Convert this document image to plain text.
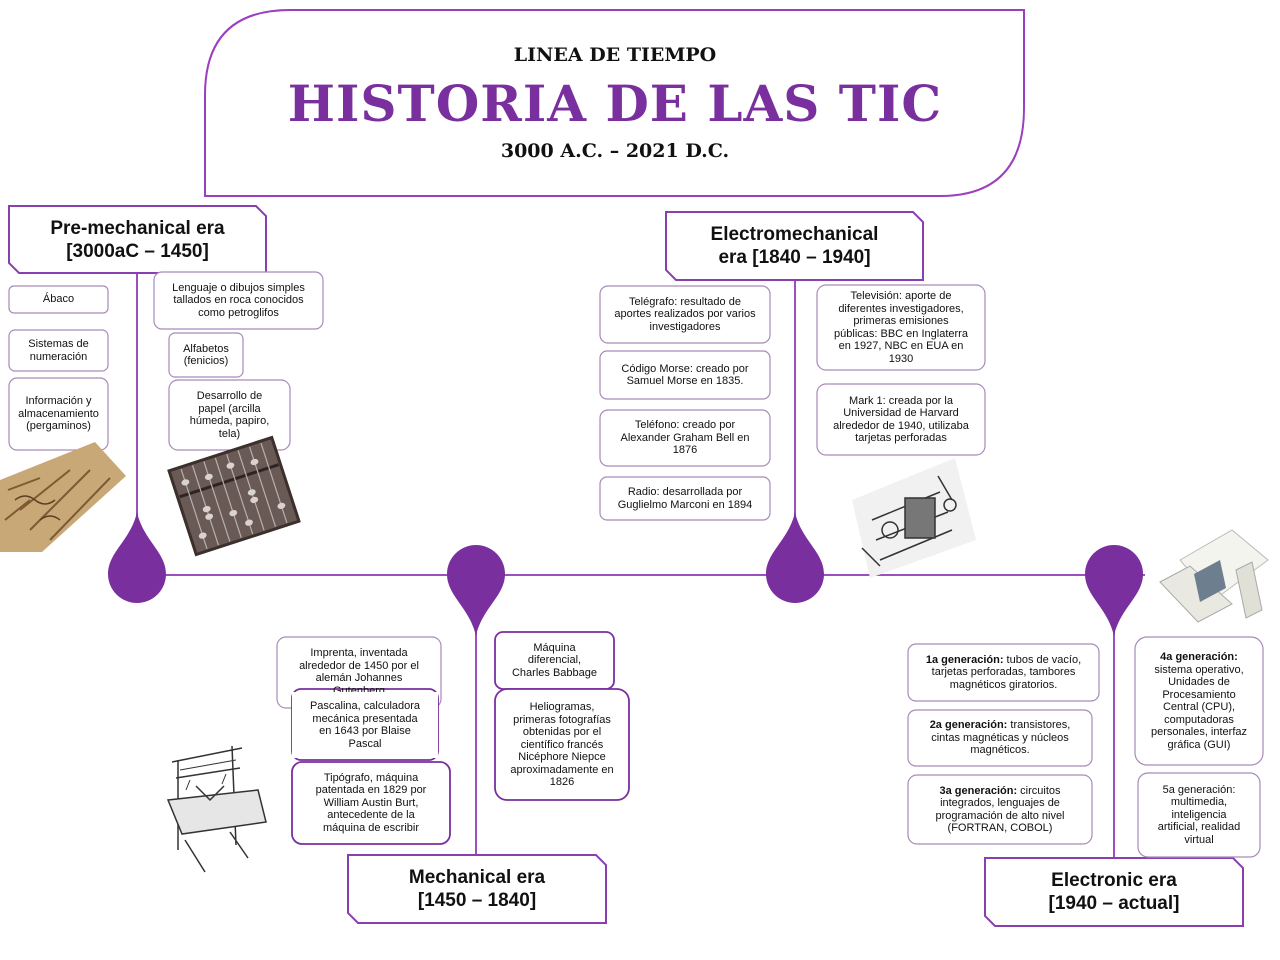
LINEA DE TIEMPO
HISTORIA DE LAS TIC
3000 A.C. – 2021 D.C.
Pre-mechanical era
[3000aC – 1450]
Electromechanical era [1840 – 1940]
Mechanical era
[1450 – 1840]
Electronic era
[1940 – actual]
Ábaco
Sistemas de numeración
Información y almacenamiento (pergaminos)
Lenguaje o dibujos simples tallados en roca conocidos como petroglifos
Alfabetos (fenicios)
Desarrollo de papel (arcilla húmeda, papiro, tela)
Telégrafo: resultado de aportes realizados por varios investigadores
Código Morse: creado por Samuel Morse en 1835.
Teléfono: creado por Alexander Graham Bell en 1876
Radio: desarrollada por Guglielmo Marconi en 1894
Televisión: aporte de diferentes investigadores, primeras emisiones públicas: BBC en Inglaterra en 1927, NBC en EUA en 1930
Mark 1: creada por la Universidad de Harvard alrededor de 1940, utilizaba tarjetas perforadas
Imprenta, inventada alrededor de 1450 por el alemán Johannes
Pascalina, calculadora mecánica presentada en 1643 por Blaise Pascal
Tipógrafo, máquina patentada en 1829 por William Austin Burt, antecedente de la máquina de escribir
Máquina diferencial, Charles Babbage
Heliogramas, primeras fotografías obtenidas por el científico francés Nicéphore Niepce aproximadamente en 1826
1a generación: tubos de vacío, tarjetas perforadas, tambores magnéticos giratorios.
2a generación: transistores, cintas magnéticas y núcleos magnéticos.
3a generación: circuitos integrados, lenguajes de programación de alto nivel (FORTRAN, COBOL)
4a generación: sistema operativo, Unidades de Procesamiento Central (CPU), computadoras personales, interfaz gráfica (GUI)
5a generación: multimedia, inteligencia artificial, realidad virtual
